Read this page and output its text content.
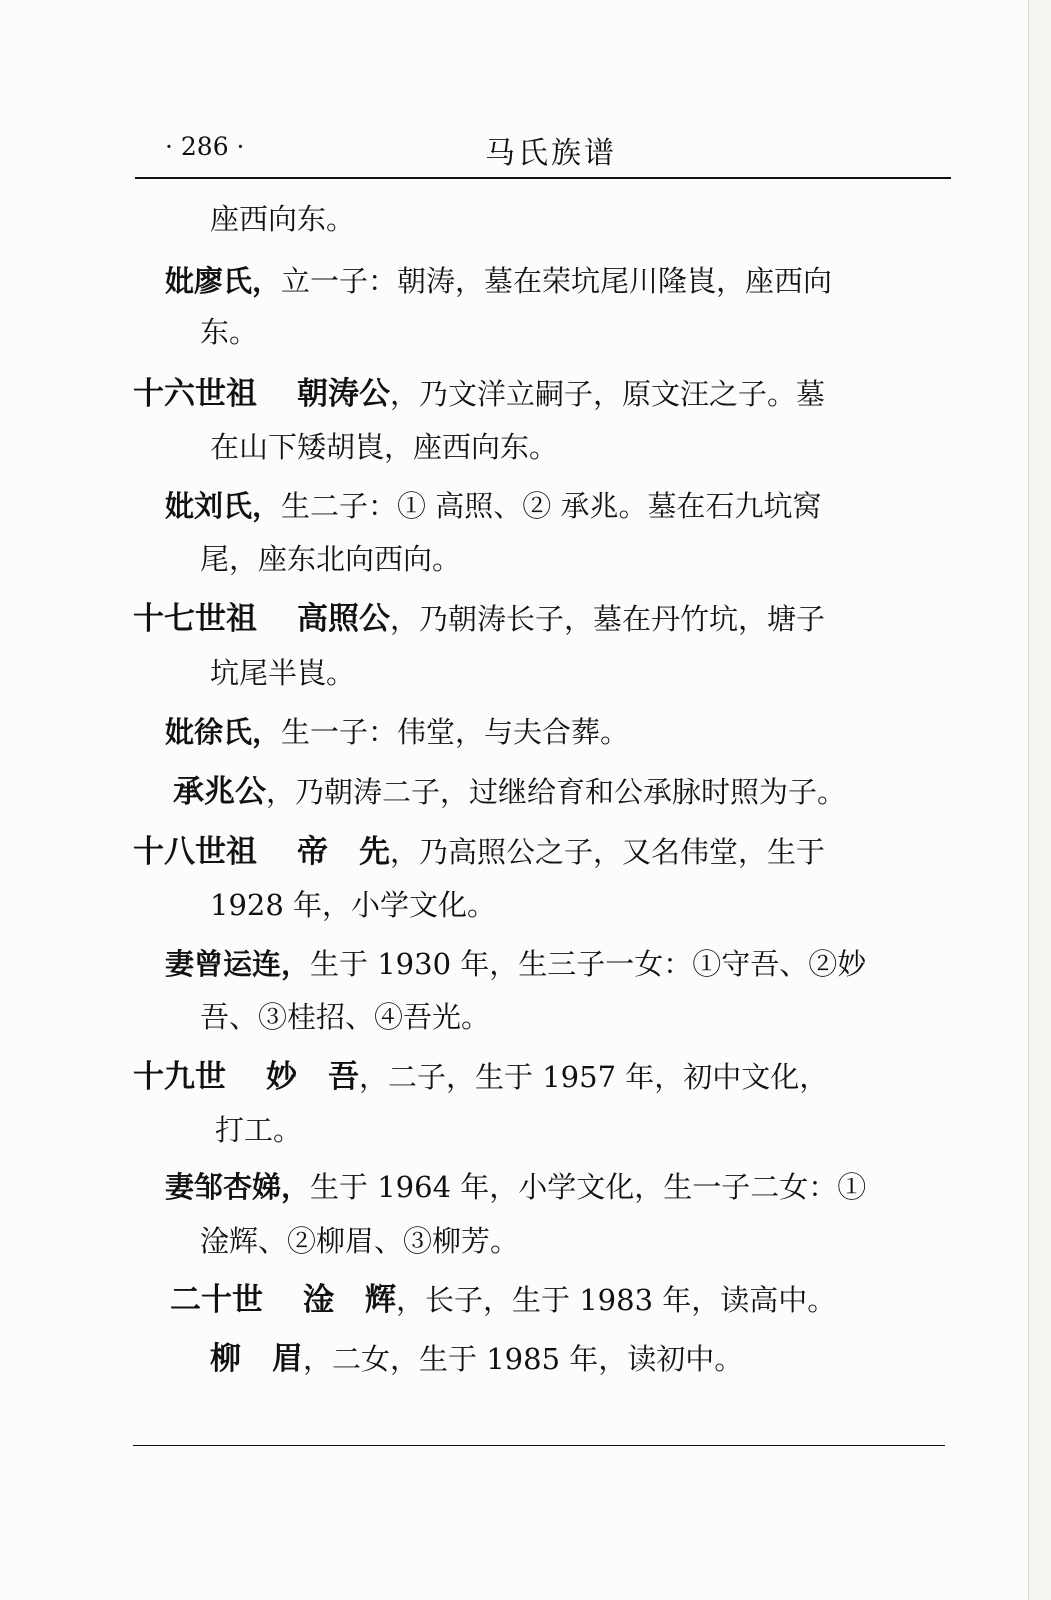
· 286 ·	马氏族谱
座西向东。
妣廖氏，立一子：朝涛，墓在荣坑尾川隆崀，座西向
东。
十六世祖 朝涛公，乃文洋立嗣子，原文汪之子。墓
在山下矮胡崀，座西向东。
妣刘氏，生二子：① 高照、② 承兆。墓在石九坑窝
尾，座东北向西向。
十七世祖 高照公，乃朝涛长子，墓在丹竹坑，塘子
坑尾半崀。
妣徐氏，生一子：伟堂，与夫合葬。
承兆公，乃朝涛二子，过继给育和公承脉时照为子。
十八世祖 帝　先，乃高照公之子，又名伟堂，生于
1928 年，小学文化。
妻曾运连，生于 1930 年，生三子一女：①守吾、②妙
吾、③桂招、④吾光。
十九世 妙　吾，二子，生于 1957 年，初中文化，
打工。
妻邹杏娣，生于 1964 年，小学文化，生一子二女：①
淦辉、②柳眉、③柳芳。
二十世 淦　辉，长子，生于 1983 年，读高中。
柳　眉，二女，生于 1985 年，读初中。
